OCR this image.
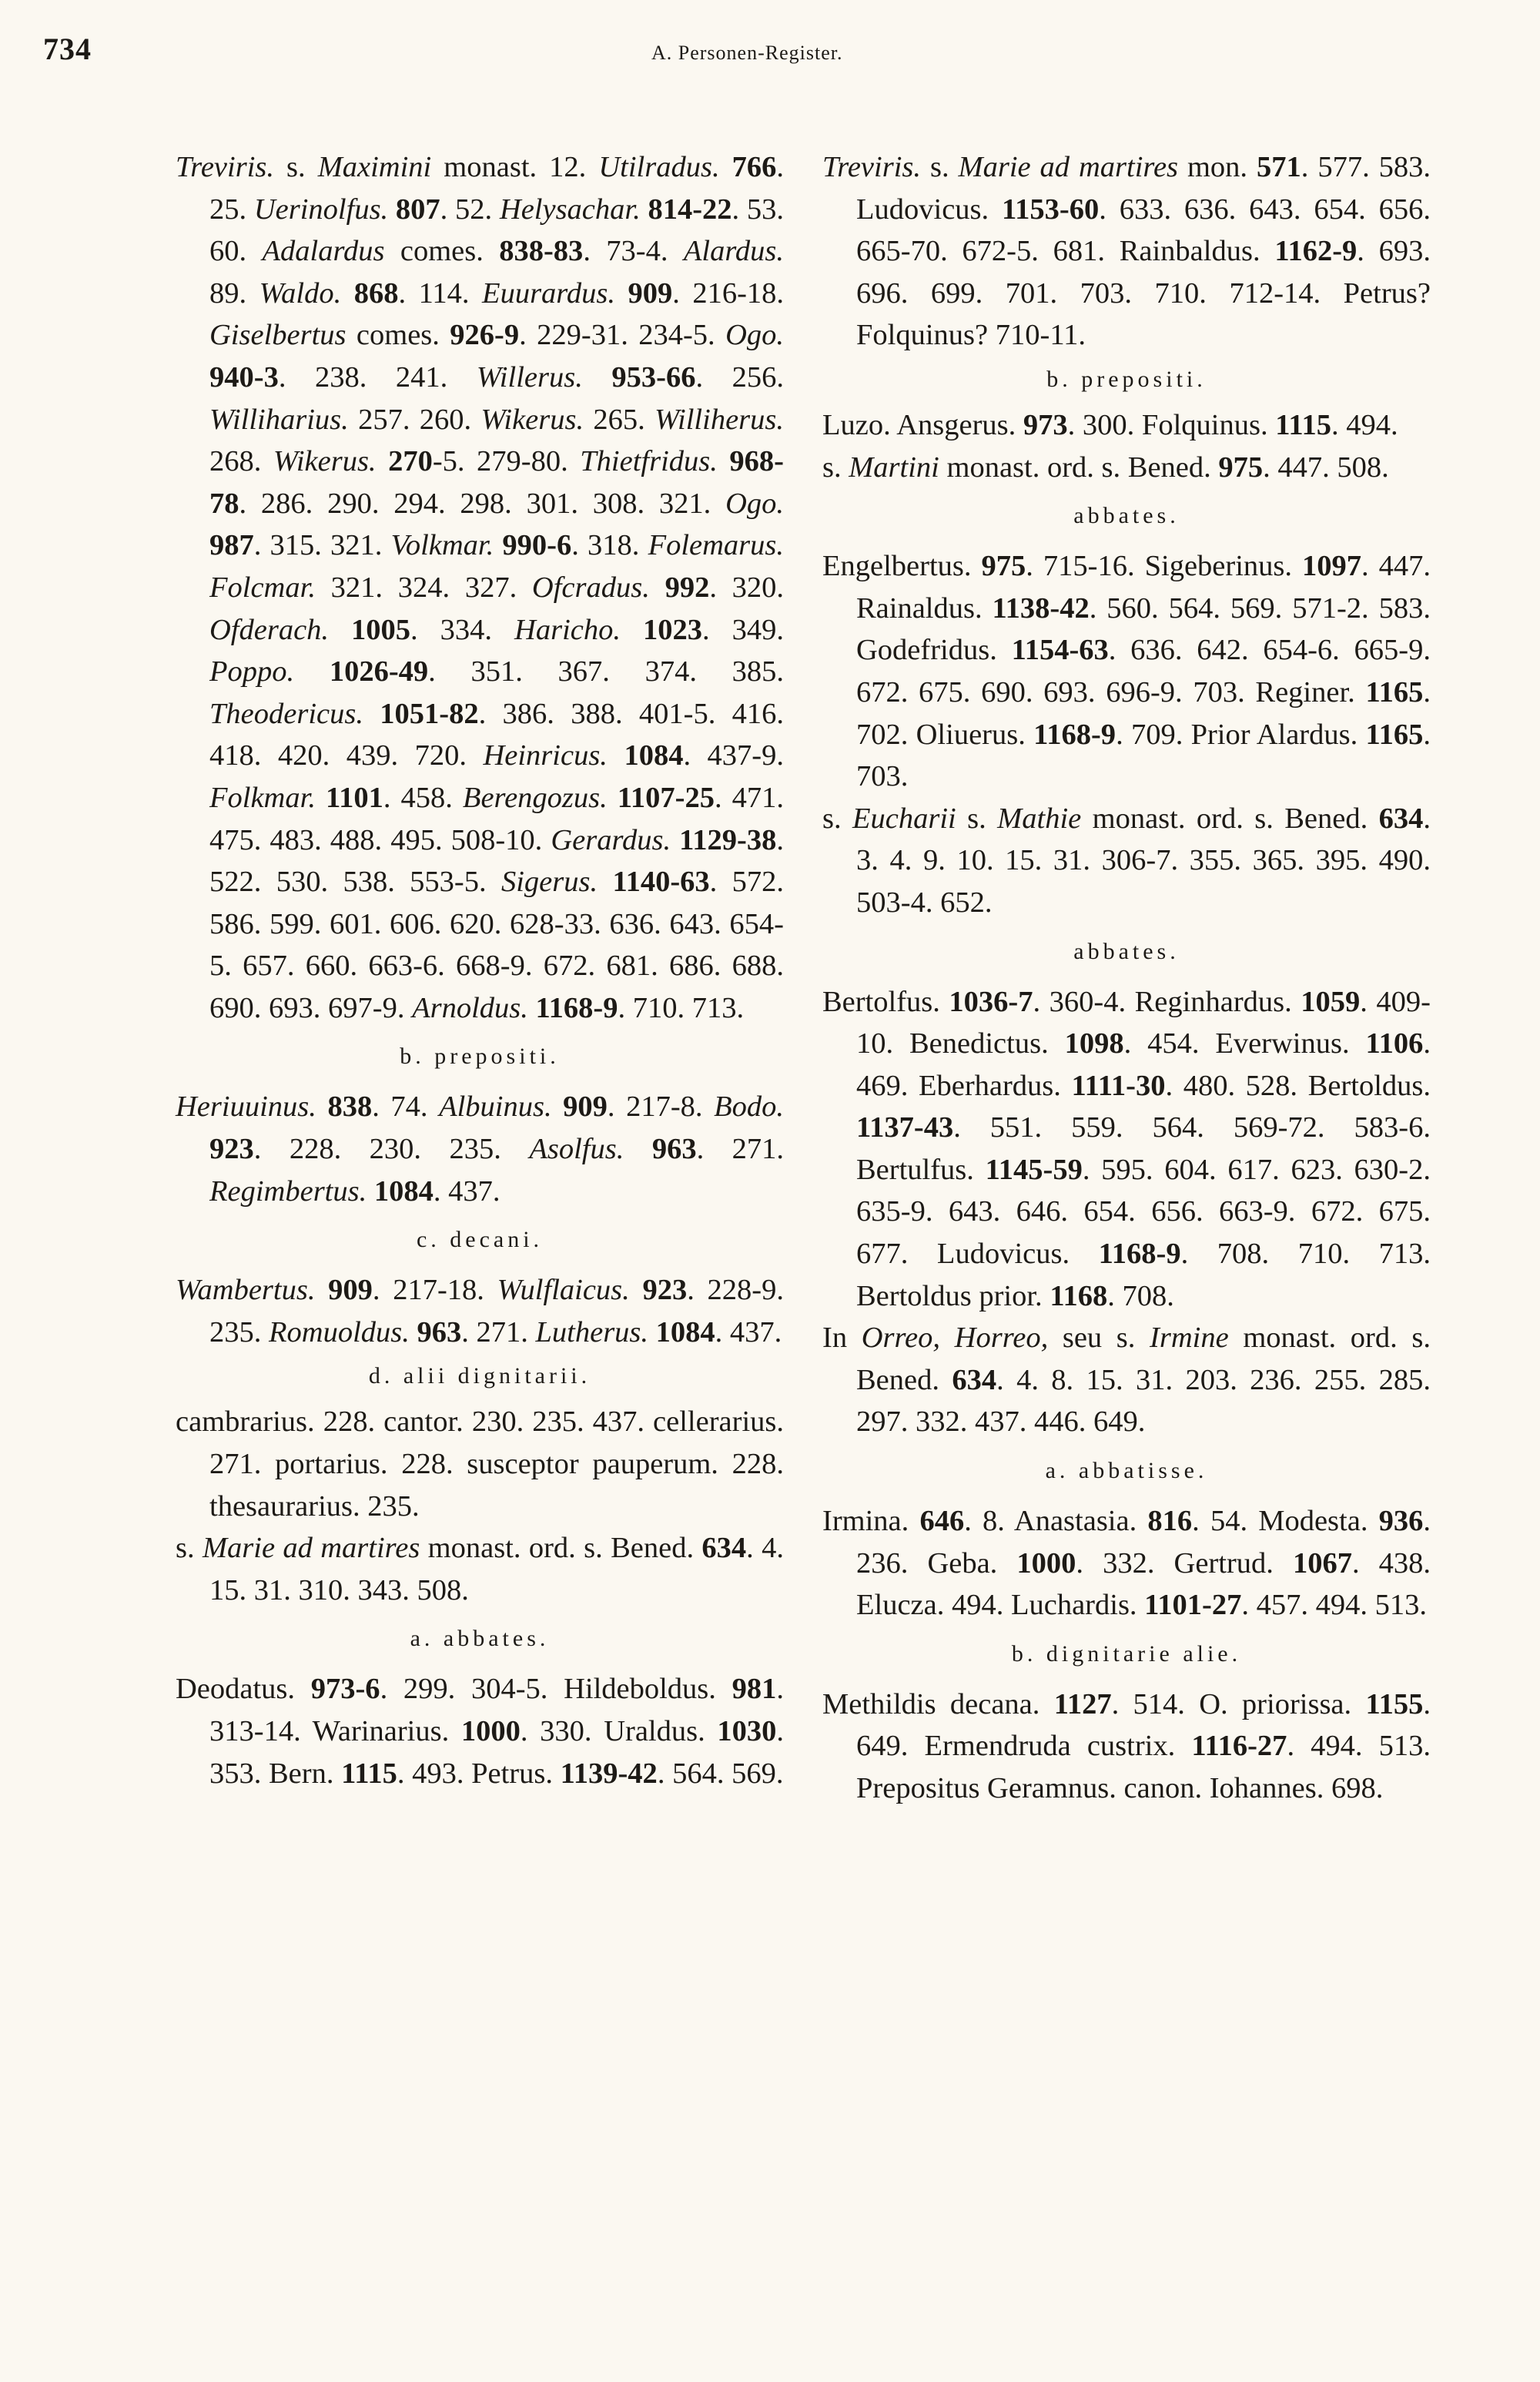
734	A. Personen-Register.

Treviris. s. Maximini monast. 12. Utilradus. 766. 25. Uerinolfus. 807. 52. Helysachar. 814-22. 53. 60. Adalardus comes. 838-83. 73-4. Alardus. 89. Waldo. 868. 114. Euurardus. 909. 216-18. Giselbertus comes. 926-9. 229-31. 234-5. Ogo. 940-3. 238. 241. Willerus. 953-66. 256. Williharius. 257. 260. Wikerus. 265. Williherus. 268. Wikerus. 270-5. 279-80. Thietfridus. 968-78. 286. 290. 294. 298. 301. 308. 321. Ogo. 987. 315. 321. Volkmar. 990-6. 318. Folemarus. Folcmar. 321. 324. 327. Ofcradus. 992. 320. Ofderach. 1005. 334. Haricho. 1023. 349. Poppo. 1026-49. 351. 367. 374. 385. Theodericus. 1051-82. 386. 388. 401-5. 416. 418. 420. 439. 720. Heinricus. 1084. 437-9. Folkmar. 1101. 458. Berengozus. 1107-25. 471. 475. 483. 488. 495. 508-10. Gerardus. 1129-38. 522. 530. 538. 553-5. Sigerus. 1140-63. 572. 586. 599. 601. 606. 620. 628-33. 636. 643. 654-5. 657. 660. 663-6. 668-9. 672. 681. 686. 688. 690. 693. 697-9. Arnoldus. 1168-9. 710. 713.

b. prepositi.

Heriuuinus. 838. 74. Albuinus. 909. 217-8. Bodo. 923. 228. 230. 235. Asolfus. 963. 271. Regimbertus. 1084. 437.

c. decani.

Wambertus. 909. 217-18. Wulflaicus. 923. 228-9. 235. Romuoldus. 963. 271. Lutherus. 1084. 437.

d. alii dignitarii.

cambrarius. 228. cantor. 230. 235. 437. cellerarius. 271. portarius. 228. susceptor pauperum. 228. thesaurarius. 235.

s. Marie ad martires monast. ord. s. Bened. 634. 4. 15. 31. 310. 343. 508.

a. abbates.

Deodatus. 973-6. 299. 304-5. Hildeboldus. 981. 313-14. Warinarius. 1000. 330. Uraldus. 1030. 353. Bern. 1115. 493. Petrus. 1139-42. 564. 569.

Treviris. s. Marie ad martires mon. 571. 577. 583. Ludovicus. 1153-60. 633. 636. 643. 654. 656. 665-70. 672-5. 681. Rainbaldus. 1162-9. 693. 696. 699. 701. 703. 710. 712-14. Petrus? Folquinus? 710-11.

b. prepositi.

Luzo. Ansgerus. 973. 300. Folquinus. 1115. 494.

s. Martini monast. ord. s. Bened. 975. 447. 508.

abbates.

Engelbertus. 975. 715-16. Sigeberinus. 1097. 447. Rainaldus. 1138-42. 560. 564. 569. 571-2. 583. Godefridus. 1154-63. 636. 642. 654-6. 665-9. 672. 675. 690. 693. 696-9. 703. Reginer. 1165. 702. Oliuerus. 1168-9. 709. Prior Alardus. 1165. 703.

s. Eucharii s. Mathie monast. ord. s. Bened. 634. 3. 4. 9. 10. 15. 31. 306-7. 355. 365. 395. 490. 503-4. 652.

abbates.

Bertolfus. 1036-7. 360-4. Reginhardus. 1059. 409-10. Benedictus. 1098. 454. Everwinus. 1106. 469. Eberhardus. 1111-30. 480. 528. Bertoldus. 1137-43. 551. 559. 564. 569-72. 583-6. Bertulfus. 1145-59. 595. 604. 617. 623. 630-2. 635-9. 643. 646. 654. 656. 663-9. 672. 675. 677. Ludovicus. 1168-9. 708. 710. 713. Bertoldus prior. 1168. 708.

In Orreo, Horreo, seu s. Irmine monast. ord. s. Bened. 634. 4. 8. 15. 31. 203. 236. 255. 285. 297. 332. 437. 446. 649.

a. abbatisse.

Irmina. 646. 8. Anastasia. 816. 54. Modesta. 936. 236. Geba. 1000. 332. Gertrud. 1067. 438. Elucza. 494. Luchardis. 1101-27. 457. 494. 513.

b. dignitarie alie.

Methildis decana. 1127. 514. O. priorissa. 1155. 649. Ermendruda custrix. 1116-27. 494. 513. Prepositus Geramnus. canon. Iohannes. 698.
